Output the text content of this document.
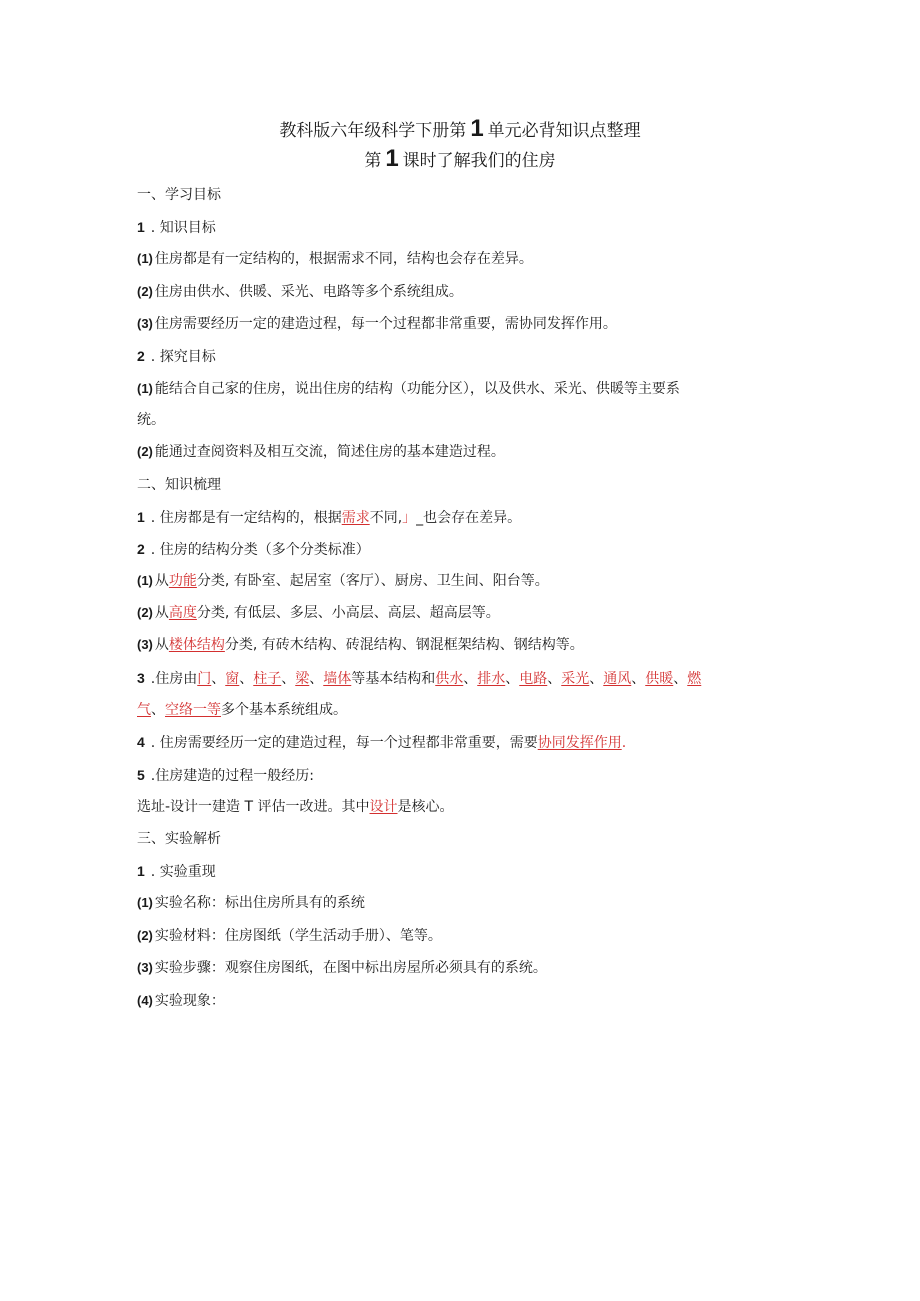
教科版六年级科学下册第 1 单元必背知识点整理
第 1 课时了解我们的住房
一、学习目标
1 . 知识目标
(1) 住房都是有一定结构的，根据需求不同，结构也会存在差异。
(2) 住房由供水、供暖、采光、电路等多个系统组成。
(3) 住房需要经历一定的建造过程，每一个过程都非常重要，需协同发挥作用。
2 . 探究目标
(1) 能结合自己家的住房，说出住房的结构（功能分区），以及供水、采光、供暖等主要系
统。
(2) 能通过查阅资料及相互交流，简述住房的基本建造过程。
二、知识梳理
1 . 住房都是有一定结构的，根据需求不同,」_也会存在差异。
2 . 住房的结构分类（多个分类标准）
(1) 从功能分类, 有卧室、起居室（客厅）、厨房、卫生间、阳台等。
(2) 从高度分类, 有低层、多层、小高层、高层、超高层等。
(3) 从楼体结构分类, 有砖木结构、砖混结构、钢混框架结构、钢结构等。
3 .住房由门、窗、柱子、梁、墙体等基本结构和供水、排水、电路、采光、通风、供暖、燃
气、空络一等多个基本系统组成。
4 . 住房需要经历一定的建造过程，每一个过程都非常重要，需要协同发挥作用.
5 .住房建造的过程一般经历:
选址-设计一建造 T 评估一改进。其中设计是核心。
三、实验解析
1 . 实验重现
(1) 实验名称：标出住房所具有的系统
(2) 实验材料：住房图纸（学生活动手册）、笔等。
(3) 实验步骤：观察住房图纸，在图中标出房屋所必须具有的系统。
(4) 实验现象：
